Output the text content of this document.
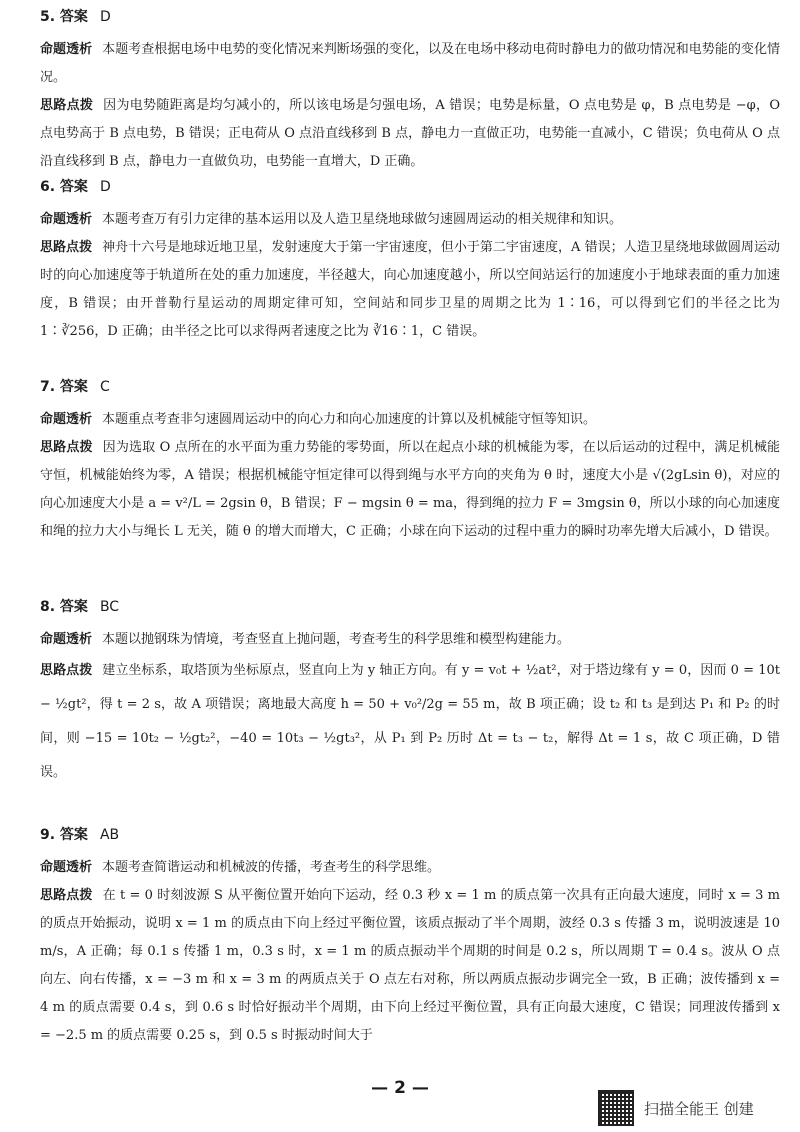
5. 答案 D

命题透析 本题考查根据电场中电势的变化情况来判断场强的变化，以及在电场中移动电荷时静电力的做功情况和电势能的变化情况。

思路点拨 因为电势随距离是均匀减小的，所以该电场是匀强电场，A 错误；电势是标量，O 点电势是 φ，B 点电势是 −φ，O 点电势高于 B 点电势，B 错误；正电荷从 O 点沿直线移到 B 点，静电力一直做正功，电势能一直减小，C 错误；负电荷从 O 点沿直线移到 B 点，静电力一直做负功，电势能一直增大，D 正确。

6. 答案 D

命题透析 本题考查万有引力定律的基本运用以及人造卫星绕地球做匀速圆周运动的相关规律和知识。

思路点拨 神舟十六号是地球近地卫星，发射速度大于第一宇宙速度，但小于第二宇宙速度，A 错误；人造卫星绕地球做圆周运动时的向心加速度等于轨道所在处的重力加速度，半径越大，向心加速度越小，所以空间站运行的加速度小于地球表面的重力加速度，B 错误；由开普勒行星运动的周期定律可知，空间站和同步卫星的周期之比为 1∶16，可以得到它们的半径之比为 1∶∛256，D 正确；由半径之比可以求得两者速度之比为 ∛16∶1，C 错误。

7. 答案 C

命题透析 本题重点考查非匀速圆周运动中的向心力和向心加速度的计算以及机械能守恒等知识。

思路点拨 因为选取 O 点所在的水平面为重力势能的零势面，所以在起点小球的机械能为零，在以后运动的过程中，满足机械能守恒，机械能始终为零，A 错误；根据机械能守恒定律可以得到绳与水平方向的夹角为 θ 时，速度大小是 √(2gLsin θ)，对应的向心加速度大小是 a = v²/L = 2gsin θ，B 错误；F − mgsin θ = ma，得到绳的拉力 F = 3mgsin θ，所以小球的向心加速度和绳的拉力大小与绳长 L 无关，随 θ 的增大而增大，C 正确；小球在向下运动的过程中重力的瞬时功率先增大后减小，D 错误。

8. 答案 BC

命题透析 本题以抛钢珠为情境，考查竖直上抛问题，考查考生的科学思维和模型构建能力。

思路点拨 建立坐标系，取塔顶为坐标原点，竖直向上为 y 轴正方向。有 y = v₀t + ½at²，对于塔边缘有 y = 0，因而 0 = 10t − ½gt²，得 t = 2 s，故 A 项错误；离地最大高度 h = 50 + v₀²/2g = 55 m，故 B 项正确；设 t₂ 和 t₃ 是到达 P₁ 和 P₂ 的时间，则 −15 = 10t₂ − ½gt₂²，−40 = 10t₃ − ½gt₃²，从 P₁ 到 P₂ 历时 Δt = t₃ − t₂，解得 Δt = 1 s，故 C 项正确，D 错误。

9. 答案 AB

命题透析 本题考查简谐运动和机械波的传播，考查考生的科学思维。

思路点拨 在 t = 0 时刻波源 S 从平衡位置开始向下运动，经 0.3 秒 x = 1 m 的质点第一次具有正向最大速度，同时 x = 3 m 的质点开始振动，说明 x = 1 m 的质点由下向上经过平衡位置，该质点振动了半个周期，波经 0.3 s 传播 3 m，说明波速是 10 m/s，A 正确；每 0.1 s 传播 1 m，0.3 s 时，x = 1 m 的质点振动半个周期的时间是 0.2 s，所以周期 T = 0.4 s。波从 O 点向左、向右传播，x = −3 m 和 x = 3 m 的两质点关于 O 点左右对称，所以两质点振动步调完全一致，B 正确；波传播到 x = 4 m 的质点需要 0.4 s，到 0.6 s 时恰好振动半个周期，由下向上经过平衡位置，具有正向最大速度，C 错误；同理波传播到 x = −2.5 m 的质点需要 0.25 s，到 0.5 s 时振动时间大于

— 2 —
扫描全能王 创建
